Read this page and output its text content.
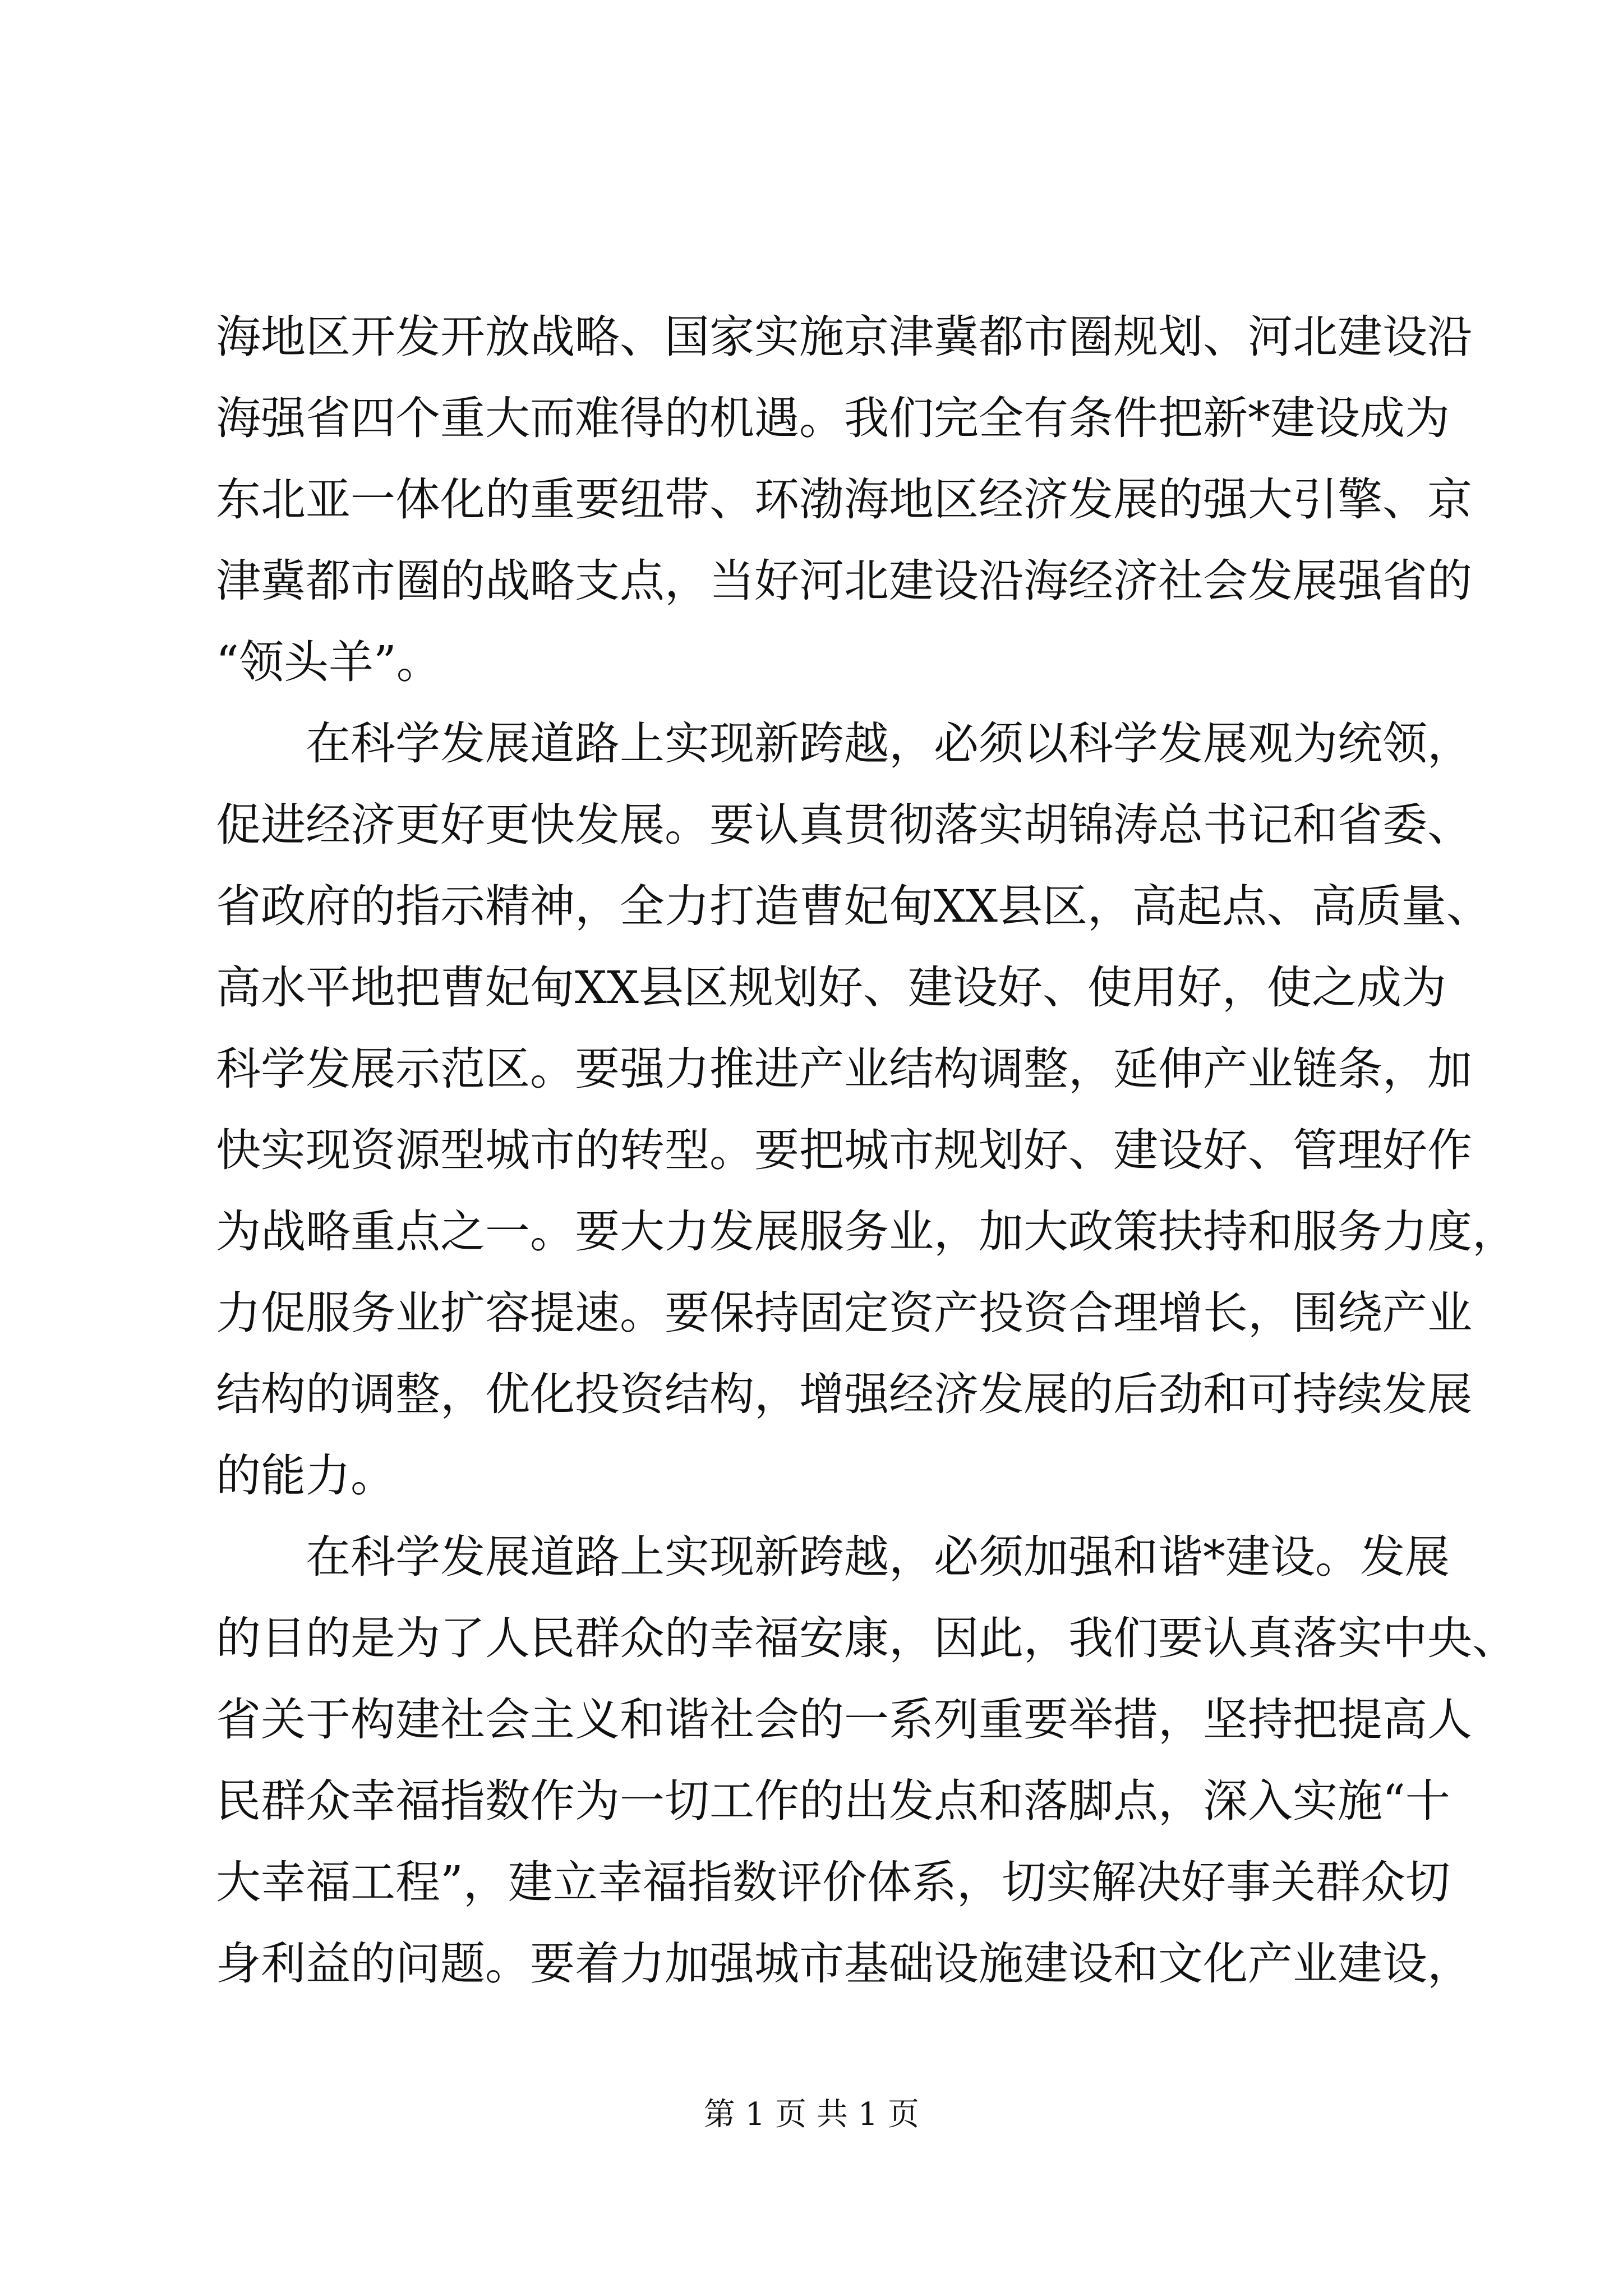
海地区开发开放战略、国家实施京津冀都市圈规划、河北建设沿
海强省四个重大而难得的机遇。我们完全有条件把新*建设成为
东北亚一体化的重要纽带、环渤海地区经济发展的强大引擎、京
津冀都市圈的战略支点，当好河北建设沿海经济社会发展强省的
“领头羊”。
在科学发展道路上实现新跨越，必须以科学发展观为统领，
促进经济更好更快发展。要认真贯彻落实胡锦涛总书记和省委、
省政府的指示精神，全力打造曹妃甸XX县区，高起点、高质量、
高水平地把曹妃甸XX县区规划好、建设好、使用好，使之成为
科学发展示范区。要强力推进产业结构调整，延伸产业链条，加
快实现资源型城市的转型。要把城市规划好、建设好、管理好作
为战略重点之一。要大力发展服务业，加大政策扶持和服务力度，
力促服务业扩容提速。要保持固定资产投资合理增长，围绕产业
结构的调整，优化投资结构，增强经济发展的后劲和可持续发展
的能力。
在科学发展道路上实现新跨越，必须加强和谐*建设。发展
的目的是为了人民群众的幸福安康，因此，我们要认真落实中央、
省关于构建社会主义和谐社会的一系列重要举措，坚持把提高人
民群众幸福指数作为一切工作的出发点和落脚点，深入实施“十
大幸福工程”，建立幸福指数评价体系，切实解决好事关群众切
身利益的问题。要着力加强城市基础设施建设和文化产业建设，
第 1 页 共 1 页
